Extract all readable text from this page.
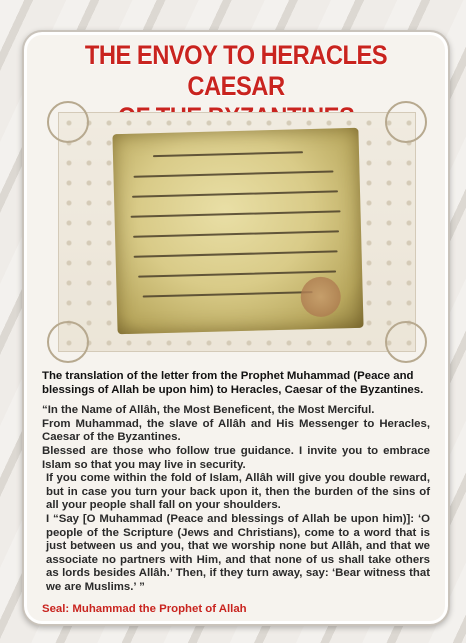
THE ENVOY TO HERACLES CAESAR

The translation of the letter from the Prophet Muhammad (Peace and blessings of Allah be upon him) to Heracles, Caesar of the Byzantines.

“In the Name of Allâh, the Most Beneficent, the Most Merciful.

From Muhammad, the slave of Allâh and His Messenger to Heracles, Caesar of the Byzantines.

Blessed are those who follow true guidance. I invite you to embrace Islam so that you may live in security.

If you come within the fold of Islam, Allâh will give you double reward, but in case you turn your back upon it, then the burden of the sins of all your people shall fall on your shoulders.

I “Say [O Muhammad (Peace and blessings of Allah be upon him)]: ‘O people of the Scripture (Jews and Christians), come to a word that is just between us and you, that we worship none but Allâh, and that we associate no partners with Him, and that none of us shall take others as lords besides Allâh.’ Then, if they turn away, say: ‘Bear witness that we are Muslims.’ ”

Seal: Muhammad the Prophet of Allah
